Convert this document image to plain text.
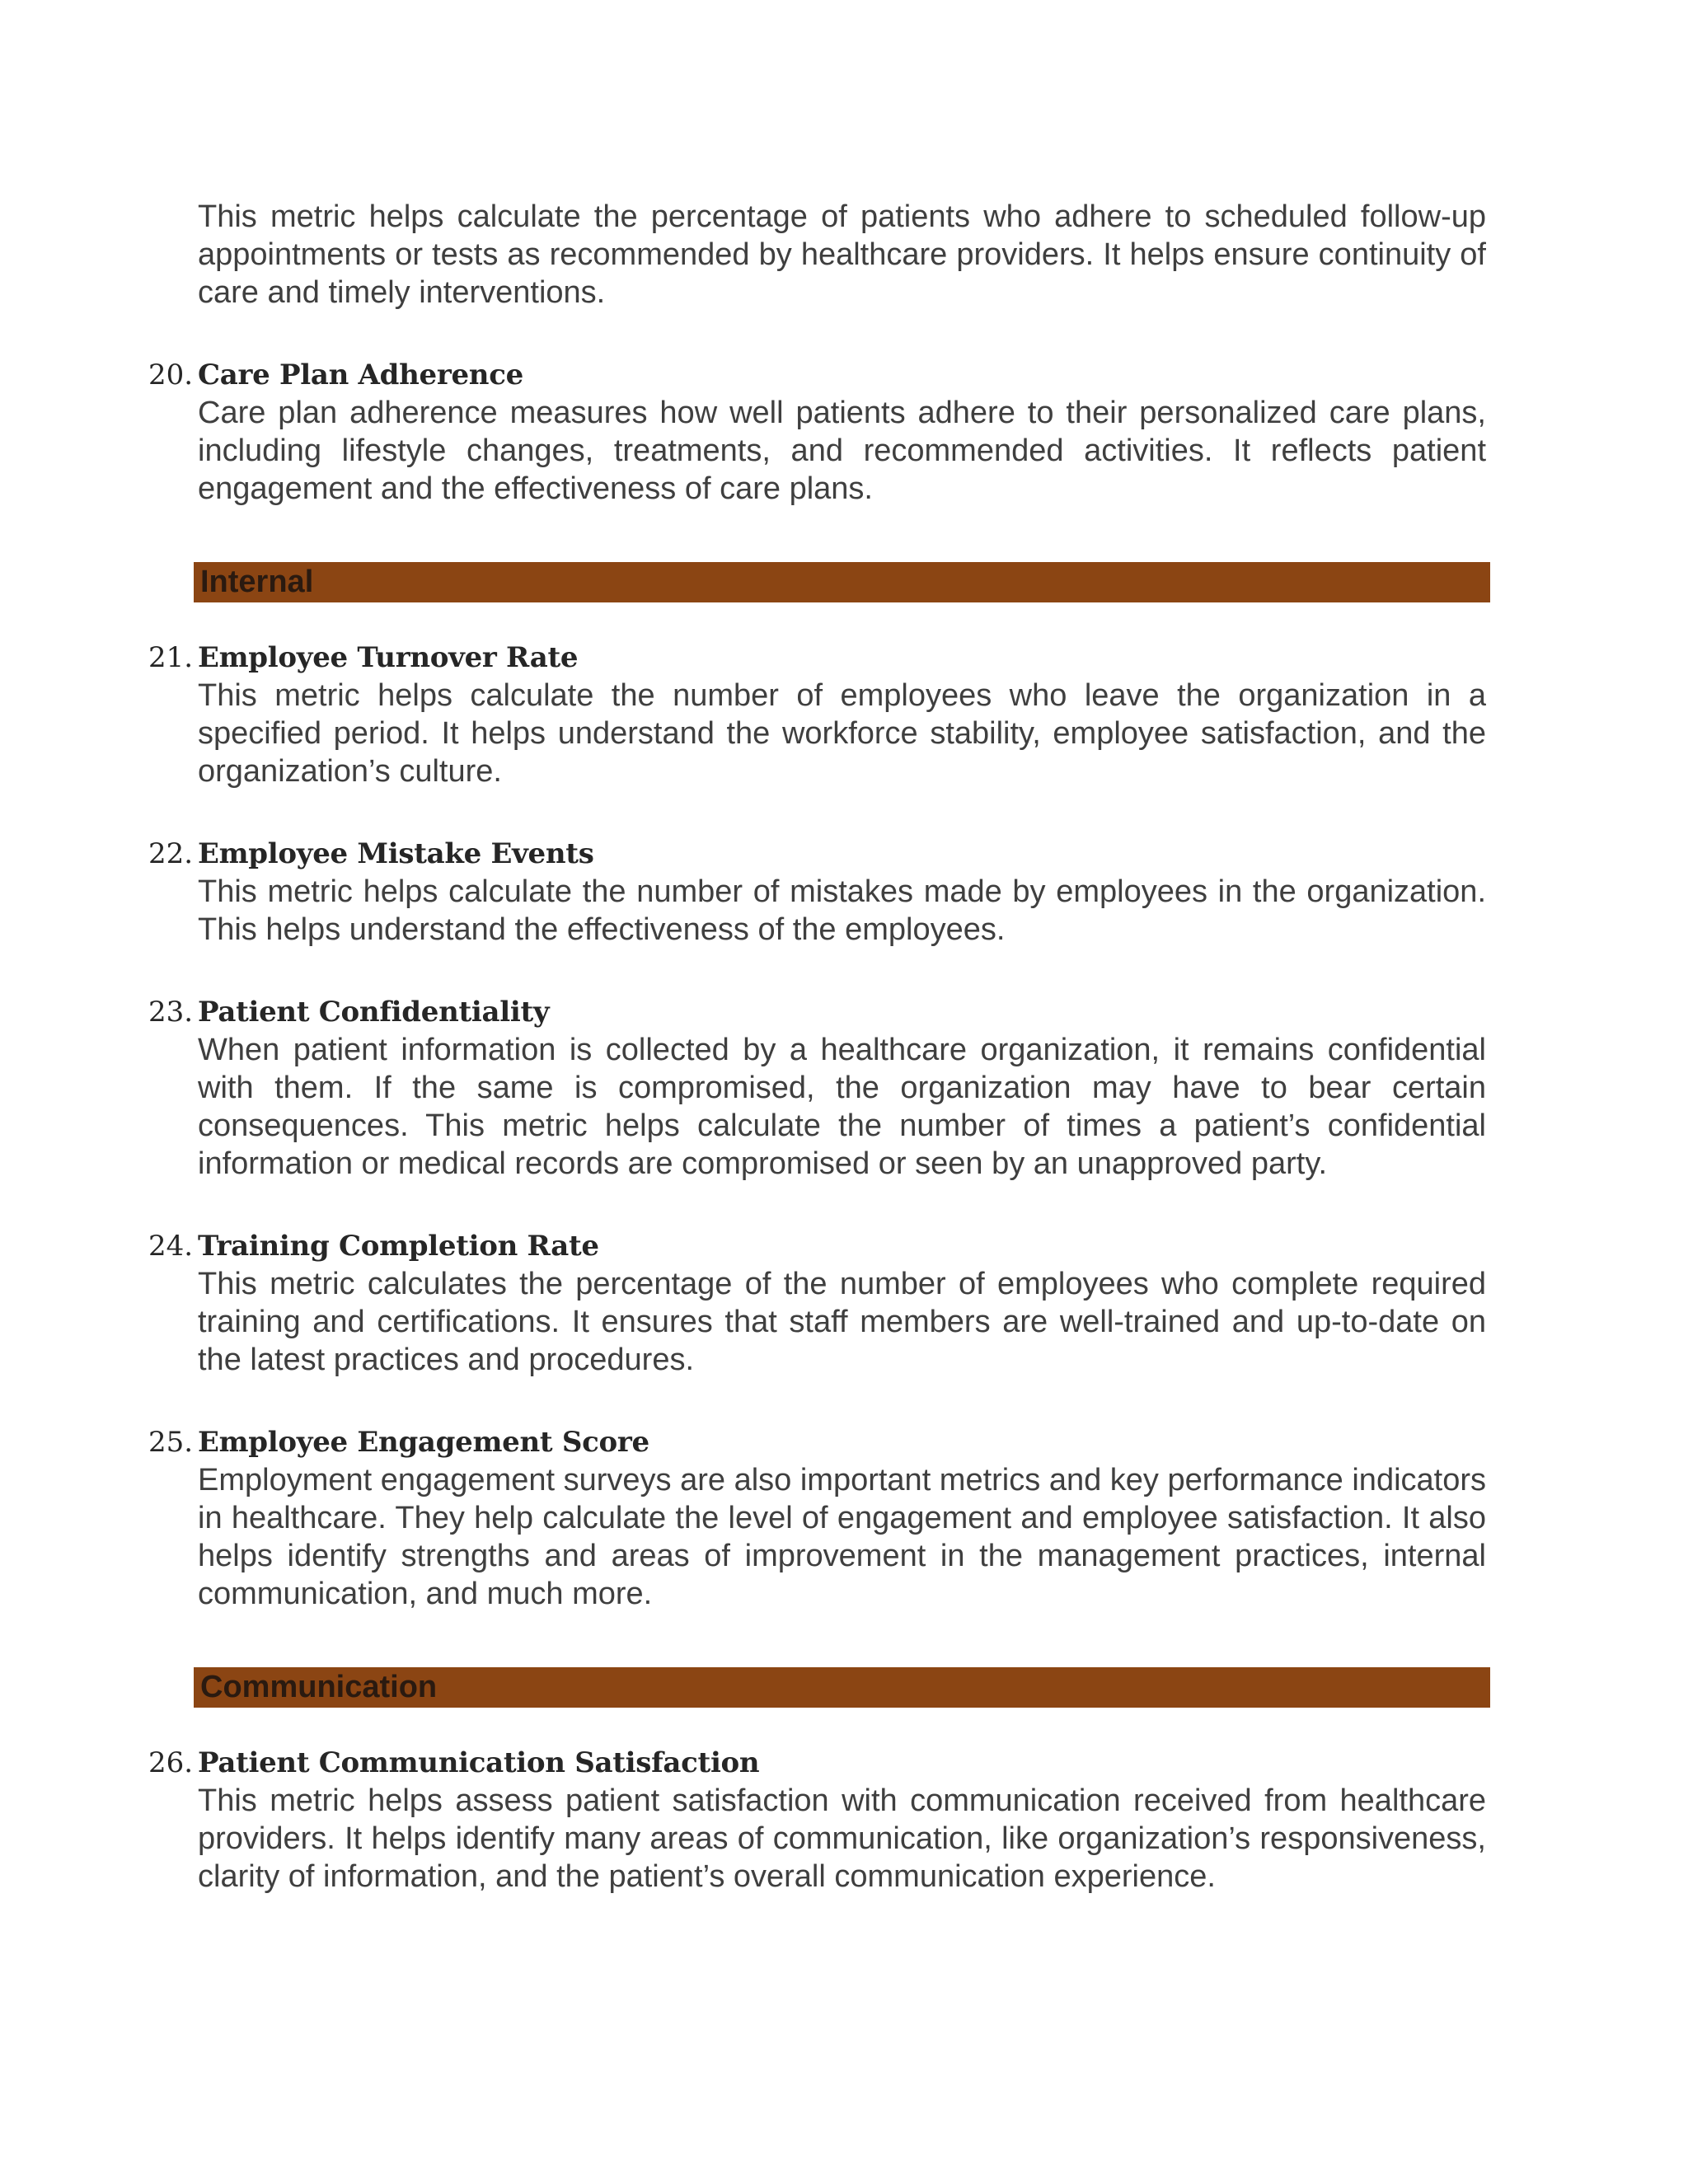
This metric helps calculate the percentage of patients who adhere to scheduled follow-up appointments or tests as recommended by healthcare providers. It helps ensure continuity of care and timely interventions.

20. Care Plan Adherence
Care plan adherence measures how well patients adhere to their personalized care plans, including lifestyle changes, treatments, and recommended activities. It reflects patient engagement and the effectiveness of care plans.
Internal
21. Employee Turnover Rate
This metric helps calculate the number of employees who leave the organization in a specified period. It helps understand the workforce stability, employee satisfaction, and the organization’s culture.
22. Employee Mistake Events
This metric helps calculate the number of mistakes made by employees in the organization. This helps understand the effectiveness of the employees.
23. Patient Confidentiality
When patient information is collected by a healthcare organization, it remains confidential with them. If the same is compromised, the organization may have to bear certain consequences. This metric helps calculate the number of times a patient’s confidential information or medical records are compromised or seen by an unapproved party.
24. Training Completion Rate
This metric calculates the percentage of the number of employees who complete required training and certifications. It ensures that staff members are well-trained and up-to-date on the latest practices and procedures.
25. Employee Engagement Score
Employment engagement surveys are also important metrics and key performance indicators in healthcare. They help calculate the level of engagement and employee satisfaction. It also helps identify strengths and areas of improvement in the management practices, internal communication, and much more.
Communication
26. Patient Communication Satisfaction
This metric helps assess patient satisfaction with communication received from healthcare providers. It helps identify many areas of communication, like organization’s responsiveness, clarity of information, and the patient’s overall communication experience.
